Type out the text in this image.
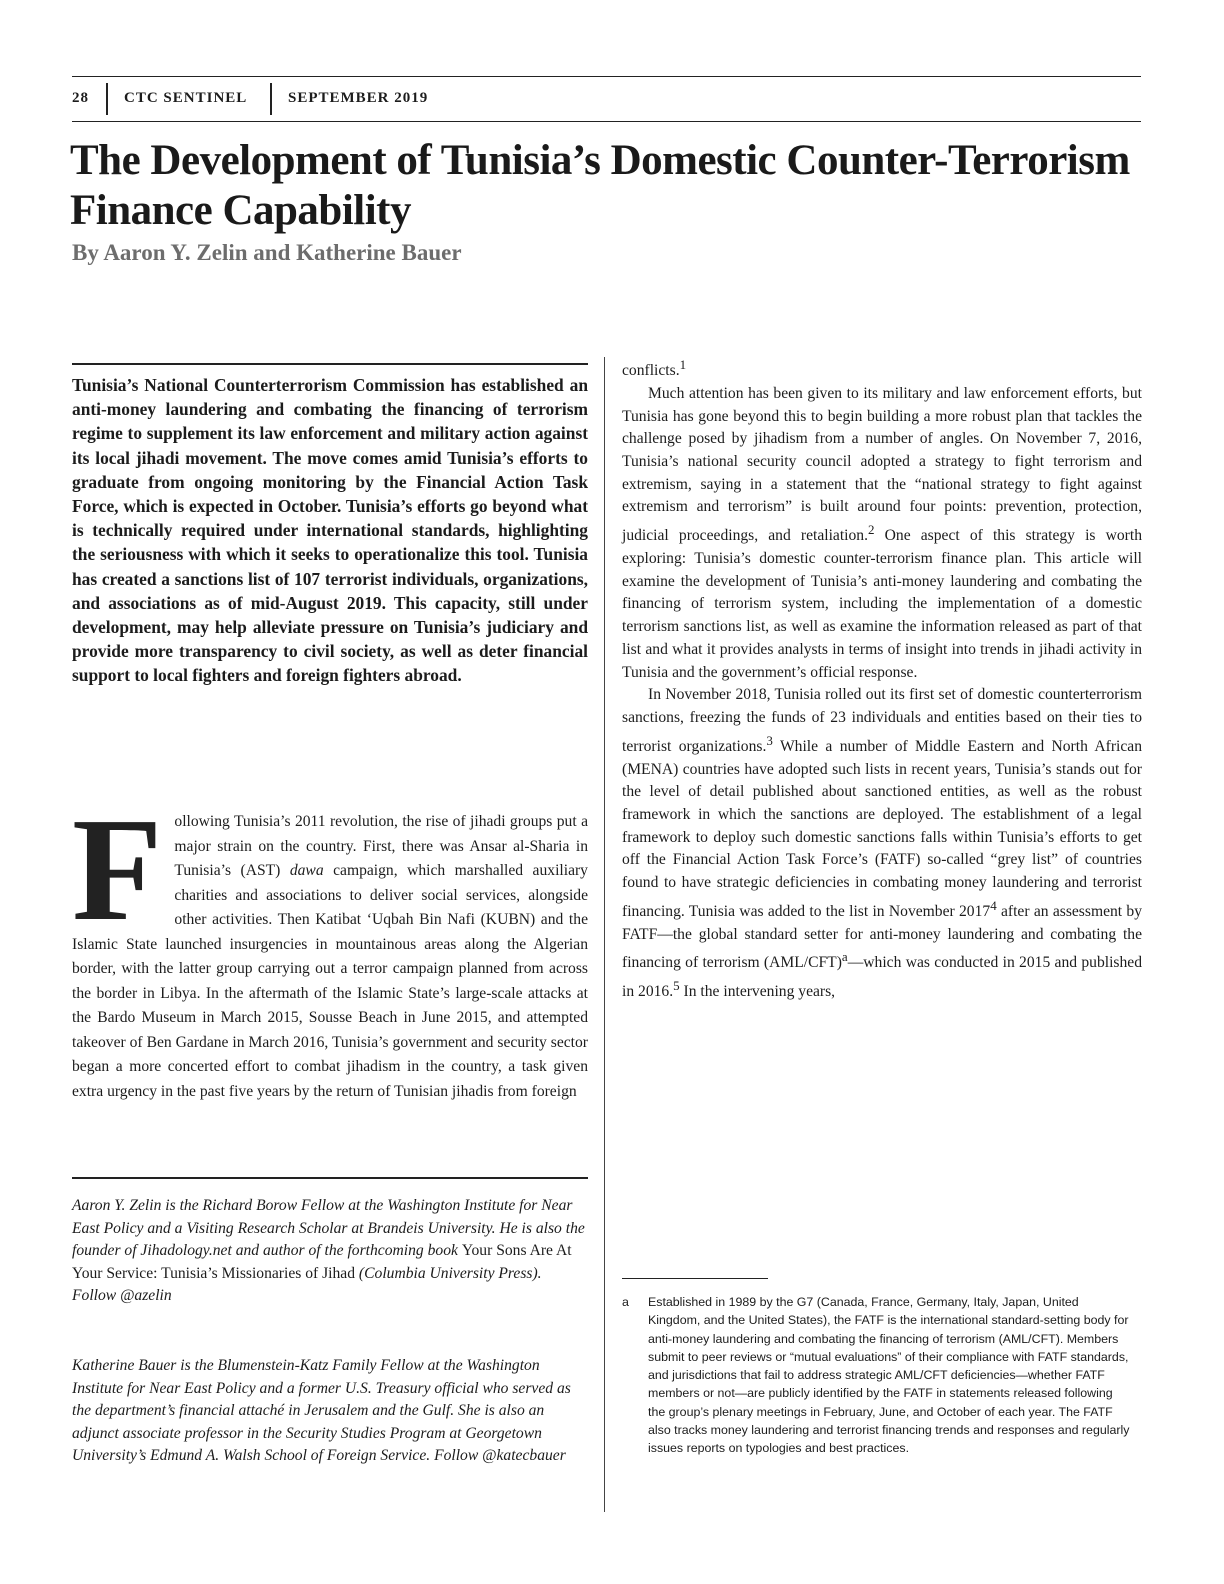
28 CTC SENTINEL	SEPTEMBER 2019
The Development of Tunisia’s Domestic Counter-Terrorism Finance Capability
By Aaron Y. Zelin and Katherine Bauer

Tunisia’s National Counterterrorism Commission has established an anti-money laundering and combating the financing of terrorism regime to supplement its law enforcement and military action against its local jihadi movement. The move comes amid Tunisia’s efforts to graduate from ongoing monitoring by the Financial Action Task Force, which is expected in October. Tunisia’s efforts go beyond what is technically required under international standards, highlighting the seriousness with which it seeks to operationalize this tool. Tunisia has created a sanctions list of 107 terrorist individuals, organizations, and associations as of mid-August 2019. This capacity, still under development, may help alleviate pressure on Tunisia’s judiciary and provide more transparency to civil society, as well as deter financial support to local fighters and foreign fighters abroad.

Following Tunisia’s 2011 revolution, the rise of jihadi groups put a major strain on the country. First, there was Ansar al-Sharia in Tunisia’s (AST) dawa campaign, which marshalled auxiliary charities and associations to deliver social services, alongside other activities. Then Katibat ‘Uqbah Bin Nafi (KUBN) and the Islamic State launched insurgencies in mountainous areas along the Algerian border, with the latter group carrying out a terror campaign planned from across the border in Libya. In the aftermath of the Islamic State’s large-scale attacks at the Bardo Museum in March 2015, Sousse Beach in June 2015, and attempted takeover of Ben Gardane in March 2016, Tunisia’s government and security sector began a more concerted effort to combat jihadism in the country, a task given extra urgency in the past five years by the return of Tunisian jihadis from foreign

Aaron Y. Zelin is the Richard Borow Fellow at the Washington Institute for Near East Policy and a Visiting Research Scholar at Brandeis University. He is also the founder of Jihadology.net and author of the forthcoming book Your Sons Are At Your Service: Tunisia’s Missionaries of Jihad (Columbia University Press). Follow @azelin

Katherine Bauer is the Blumenstein-Katz Family Fellow at the Washington Institute for Near East Policy and a former U.S. Treasury official who served as the department’s financial attaché in Jerusalem and the Gulf. She is also an adjunct associate professor in the Security Studies Program at Georgetown University’s Edmund A. Walsh School of Foreign Service. Follow @katecbauer

conflicts.$^1$

Much attention has been given to its military and law enforcement efforts, but Tunisia has gone beyond this to begin building a more robust plan that tackles the challenge posed by jihadism from a number of angles. On November 7, 2016, Tunisia’s national security council adopted a strategy to fight terrorism and extremism, saying in a statement that the “national strategy to fight against extremism and terrorism” is built around four points: prevention, protection, judicial proceedings, and retaliation.$^2$ One aspect of this strategy is worth exploring: Tunisia’s domestic counter-terrorism finance plan. This article will examine the development of Tunisia’s anti-money laundering and combating the financing of terrorism system, including the implementation of a domestic terrorism sanctions list, as well as examine the information released as part of that list and what it provides analysts in terms of insight into trends in jihadi activity in Tunisia and the government’s official response.

In November 2018, Tunisia rolled out its first set of domestic counterterrorism sanctions, freezing the funds of 23 individuals and entities based on their ties to terrorist organizations.$^3$ While a number of Middle Eastern and North African (MENA) countries have adopted such lists in recent years, Tunisia’s stands out for the level of detail published about sanctioned entities, as well as the robust framework in which the sanctions are deployed. The establishment of a legal framework to deploy such domestic sanctions falls within Tunisia’s efforts to get off the Financial Action Task Force’s (FATF) so-called “grey list” of countries found to have strategic deficiencies in combating money laundering and terrorist financing. Tunisia was added to the list in November 2017$^4$ after an assessment by FATF—the global standard setter for anti-money laundering and combating the financing of terrorism $(AML/CFT)^a—which$ was conducted in 2015 and published in 2016.$^5$ In the intervening years,

a Established in 1989 by the G7 (Canada, France, Germany, Italy, Japan, United Kingdom, and the United States), the FATF is the international standard-setting body for anti-money laundering and combating the financing of terrorism (AML/CFT). Members submit to peer reviews or “mutual evaluations” of their compliance with FATF standards, and jurisdictions that fail to address strategic AML/CFT deficiencies—whether FATF members or not—are publicly identified by the FATF in statements released following the group’s plenary meetings in February, June, and October of each year. The FATF also tracks money laundering and terrorist financing trends and responses and regularly issues reports on typologies and best practices.
